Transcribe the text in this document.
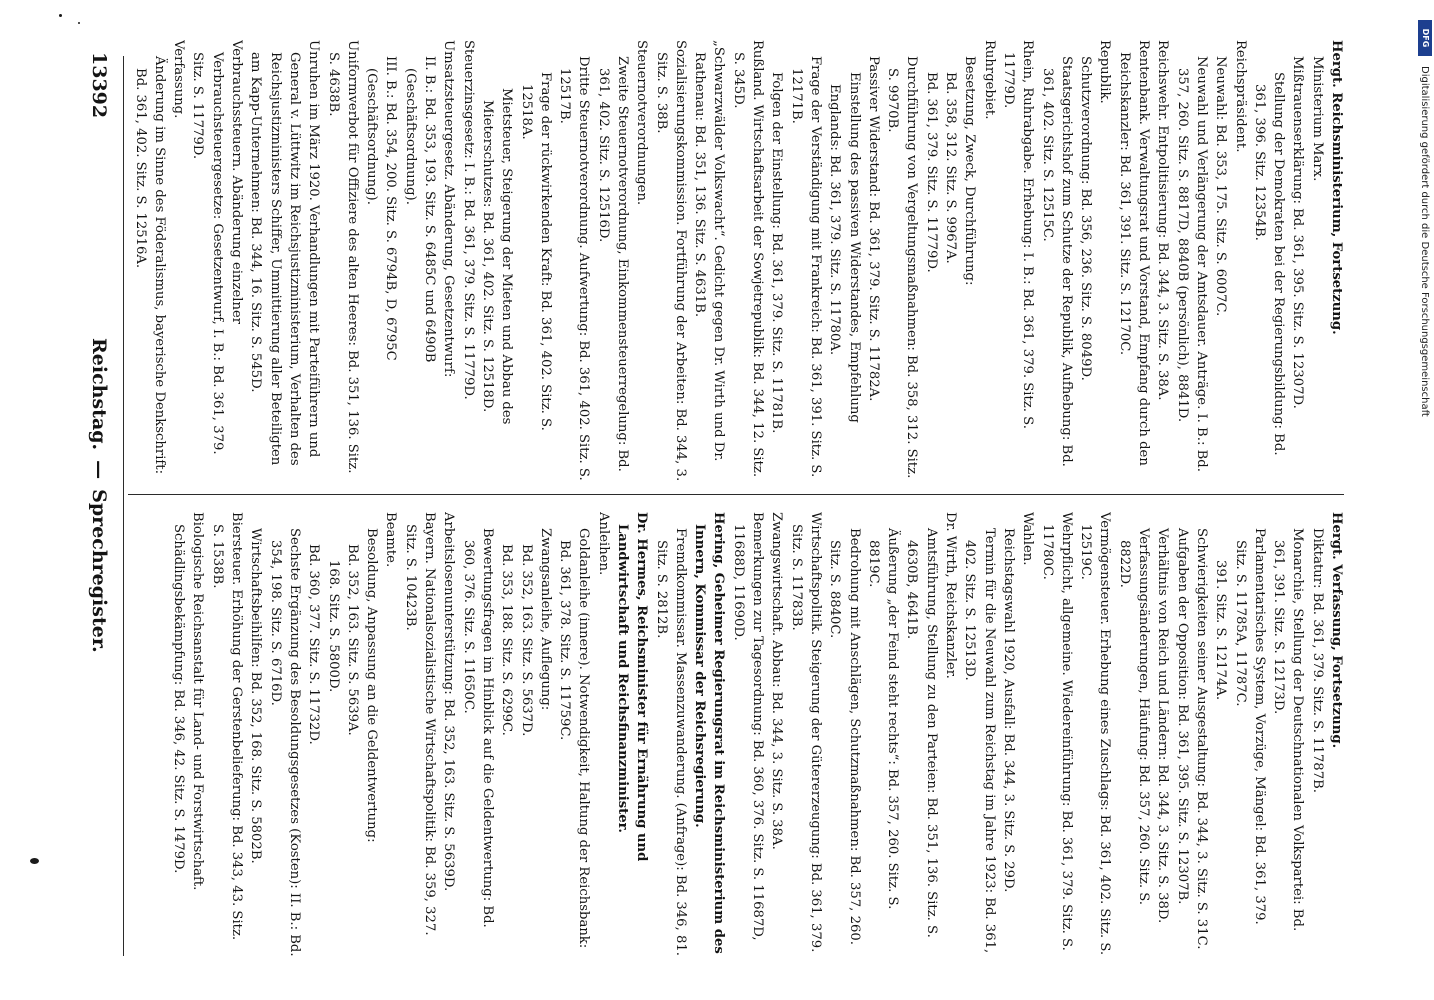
DFG
Digitalisierung gefördert durch die Deutsche Forschungsgemeinschaft

Hergt. Reichsministerium, Fortsetzung.

Ministerium Marx.

Mißtrauenserklärung: Bd. 361, 395. Sitz. S. 12307D.

Stellung der Demokraten bei der Regierungsbildung: Bd. 361, 396. Sitz. 12354B.

Reichspräsident.

Neuwahl: Bd. 353, 175. Sitz. S. 6007C.

Neuwahl und Verlängerung der Amtsdauer. Anträge. I. B.: Bd. 357, 260. Sitz. S. 8817D, 8840B (persönlich), 8841D.

Reichswehr. Entpolitisierung: Bd. 344, 3. Sitz. S. 38A.

Rentenbank. Verwaltungsrat und Vorstand, Empfang durch den Reichskanzler: Bd. 361, 391. Sitz. S. 12170C.

Republik.

Schutzverordnung: Bd. 356, 236. Sitz. S. 8049D.

Staatsgerichtshof zum Schutze der Republik, Aufhebung: Bd. 361, 402. Sitz. S. 12515C.

Rhein, Ruhrabgabe. Erhebung: I. B.: Bd. 361, 379. Sitz. S. 11779D.

Ruhrgebiet.

Besetzung, Zweck, Durchführung:

Bd. 358, 312. Sitz. S. 9967A.

Bd. 361, 379. Sitz. S. 11779D.

Durchführung von Vergeltungsmaßnahmen: Bd. 358, 312. Sitz. S. 9970B.

Passiver Widerstand: Bd. 361, 379. Sitz. S. 11782A.

Einstellung des passiven Widerstandes, Empfehlung Englands: Bd. 361, 379. Sitz. S. 11780A.

Frage der Verständigung mit Frankreich: Bd. 361, 391. Sitz. S. 12171B.

Folgen der Einstellung: Bd. 361, 379. Sitz. S. 11781B.

Rußland. Wirtschaftsarbeit der Sowjetrepublik: Bd. 344, 12. Sitz. S. 345D.

„Schwarzwälder Volkswacht“. Gedicht gegen Dr. Wirth und Dr. Rathenau: Bd. 351, 136. Sitz. S. 4631B.

Sozialisierungskommission. Fortführung der Arbeiten: Bd. 344, 3. Sitz. S. 38B.

Steuernotverordnungen.

Zweite Steuernotverordnung, Einkommensteuerregelung: Bd. 361, 402. Sitz. S. 12516D.

Dritte Steuernotverordnung. Aufwertung: Bd. 361, 402. Sitz. S. 12517B.

Frage der rückwirkenden Kraft: Bd. 361, 402. Sitz. S. 12518A.

Mietsteuer, Steigerung der Mieten und Abbau des Mieterschutzes: Bd. 361, 402. Sitz. S. 12518D.

Steuerzinsgesetz: I. B.: Bd. 361, 379. Sitz. S. 11779D.

Umsatzsteuergesetz. Abänderung, Gesetzentwurf:

II. B.: Bd. 353, 193. Sitz. S. 6485C und 6490B (Geschäftsordnung).

III. B.: Bd. 354, 200. Sitz. S. 6794B, D, 6795C (Geschäftsordnung).

Uniformverbot für Offiziere des alten Heeres: Bd. 351, 136. Sitz. S. 4638B.

Unruhen im März 1920. Verhandlungen mit Parteiführern und General v. Lüttwitz im Reichsjustizministerium, Verhalten des Reichsjustizministers Schiffer, Ummittierung aller Beteiligten am Kapp-Unternehmen: Bd. 344, 16. Sitz. S. 545D.

Verbrauchssteuern. Abänderung einzelner Verbrauchsteuergesetze: Gesetzentwurf, I. B.: Bd. 361, 379. Sitz. S. 11779D.

Verfassung.

Änderung im Sinne des Föderalismus, bayerische Denkschrift: Bd. 361, 402. Sitz. S. 12516A.

Hergt. Verfassung, Fortsetzung.

Diktatur: Bd. 361, 379. Sitz. S. 11787B.

Monarchie, Stellung der Deutschnationalen Volkspartei: Bd. 361, 391. Sitz. S. 12173D.

Parlamentarisches System, Vorzüge, Mängel: Bd. 361, 379. Sitz. S. 11785A, 11787C.

391. Sitz. S. 12174A.

Schwierigkeiten seiner Ausgestaltung: Bd. 344, 3. Sitz. S. 31C.

Aufgaben der Opposition: Bd. 361, 395. Sitz. S. 12307B.

Verhältnis von Reich und Ländern: Bd. 344, 3. Sitz. S. 38D.

Verfassungsänderungen, Häufung: Bd. 357, 260. Sitz. S. 8822D.

Vermögensteuer. Erhebung eines Zuschlags: Bd. 361, 402. Sitz. S. 12519C.

Wehrpflicht, allgemeine. Wiedereinführung: Bd. 361, 379. Sitz. S. 11780C.

Wahlen.

Reichstagswahl 1920, Ausfall: Bd. 344, 3. Sitz. S. 29D.

Termin für die Neuwahl zum Reichstag im Jahre 1923: Bd. 361, 402. Sitz. S. 12513D.

Dr. Wirth, Reichskanzler.

Amtsführung, Stellung zu den Parteien: Bd. 351, 136. Sitz. S. 4630B, 4641B.

Äußerung „der Feind steht rechts“: Bd. 357, 260. Sitz. S. 8819C.

Bedrohung mit Anschlägen, Schutzmaßnahmen: Bd. 357, 260. Sitz. S. 8840C.

Wirtschaftspolitik. Steigerung der Gütererzeugung: Bd. 361, 379. Sitz. S. 11783B.

Zwangswirtschaft. Abbau: Bd. 344, 3. Sitz. S. 38A.

Bemerkungen zur Tagesordnung: Bd. 360, 376. Sitz. S. 11687D, 11688D, 11690D.

Hering, Geheimer Regierungsrat im Reichsministerium des Innern, Kommissar der Reichsregierung.

Fremdkommissar. Massenzuwanderung. (Anfrage): Bd. 346, 81. Sitz. S. 2812B.

Dr. Hermes, Reichsminister für Ernährung und Landwirtschaft und Reichsfinanzminister.

Anleihen.

Goldanleihe (innere). Notwendigkeit, Haltung der Reichsbank: Bd. 361, 378. Sitz. S. 11759C.

Zwangsanleihe, Auflegung:

Bd. 352, 163. Sitz. S. 5637D.

Bd. 353, 188. Sitz. S. 6299C.

Bewertungsfragen im Hinblick auf die Geldentwertung: Bd. 360, 376. Sitz. S. 11650C.

Arbeitslosenunterstützung: Bd. 352, 163. Sitz. S. 5639D.

Bayern. Nationalsozialistische Wirtschaftspolitik: Bd. 359, 327. Sitz. S. 10423B.

Beamte.

Besoldung, Anpassung an die Geldentwertung:

Bd. 352, 163. Sitz. S. 5639A.

168. Sitz. S. 5800D.

Bd. 360, 377. Sitz. S. 11732D.

Sechste Ergänzung des Besoldungsgesetzes (Kosten): II. B.: Bd. 354, 198. Sitz. S. 6716D.

Wirtschaftsbeihilfen: Bd. 352, 168. Sitz. S. 5802B.

Biersteuer. Erhöhung der Gerstenbelieferung: Bd. 343, 43. Sitz. S. 1538B.

Biologische Reichsanstalt für Land- und Forstwirtschaft. Schädlingsbekämpfung: Bd. 346, 42. Sitz. S. 1479D.

13392
Reichstag.—Sprechregister.
